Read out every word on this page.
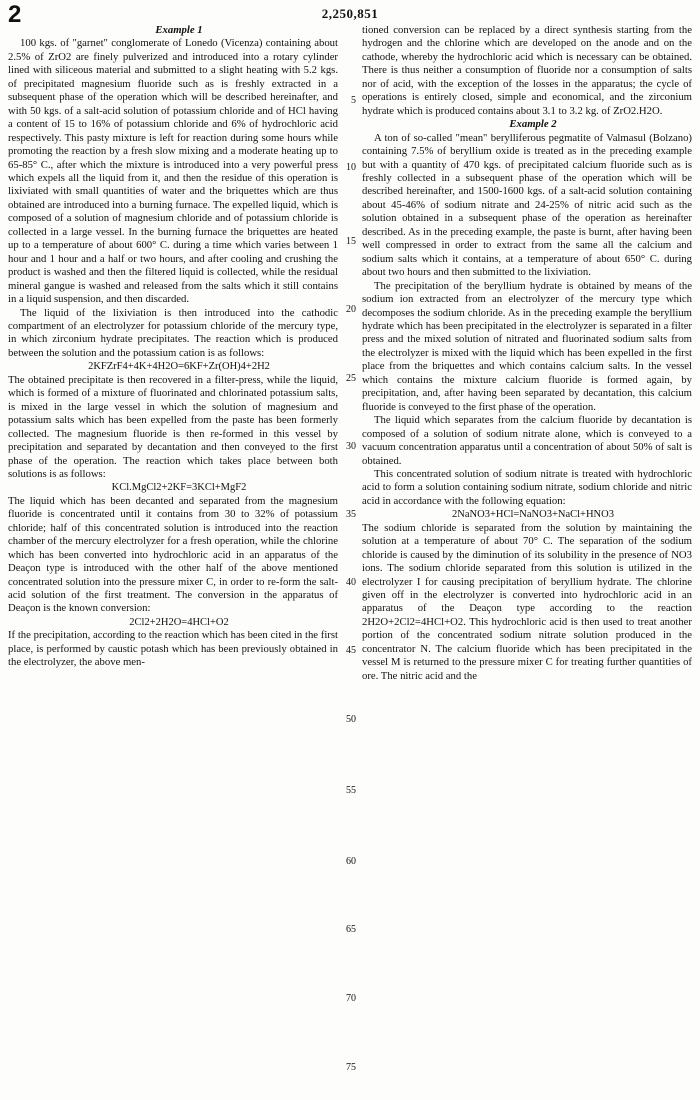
2	2,250,851

Example 1

100 kgs. of "garnet" conglomerate of Lonedo (Vicenza) containing about 2.5% of ZrO2 are finely pulverized and introduced into a rotary cylinder lined with siliceous material and submitted to a slight heating with 5.2 kgs. of precipitated magnesium fluoride such as is freshly extracted in a subsequent phase of the operation which will be described hereinafter, and with 50 kgs. of a salt-acid solution of potassium chloride and of HCl having a content of 15 to 16% of potassium chloride and 6% of hydrochloric acid respectively. This pasty mixture is left for reaction during some hours while promoting the reaction by a fresh slow mixing and a moderate heating up to 65-85° C., after which the mixture is introduced into a very powerful press which expels all the liquid from it, and then the residue of this operation is lixiviated with small quantities of water and the briquettes which are thus obtained are introduced into a burning furnace. The expelled liquid, which is composed of a solution of magnesium chloride and of potassium chloride is collected in a large vessel. In the burning furnace the briquettes are heated up to a temperature of about 600° C. during a time which varies between 1 hour and 1 hour and a half or two hours, and after cooling and crushing the product is washed and then the filtered liquid is collected, while the residual mineral gangue is washed and released from the salts which it still contains in a liquid suspension, and then discarded.

The liquid of the lixiviation is then introduced into the cathodic compartment of an electrolyzer for potassium chloride of the mercury type, in which zirconium hydrate precipitates. The reaction which is produced between the solution and the potassium cation is as follows:

2KFZrF4+4K+4H2O=6KF+Zr(OH)4+2H2

The obtained precipitate is then recovered in a filter-press, while the liquid, which is formed of a mixture of fluorinated and chlorinated potassium salts, is mixed in the large vessel in which the solution of magnesium and potassium salts which has been expelled from the paste has been formerly collected. The magnesium fluoride is then re-formed in this vessel by precipitation and separated by decantation and then conveyed to the first phase of the operation. The reaction which takes place between both solutions is as follows:

KCl.MgCl2+2KF=3KCl+MgF2

The liquid which has been decanted and separated from the magnesium fluoride is concentrated until it contains from 30 to 32% of potassium chloride; half of this concentrated solution is introduced into the reaction chamber of the mercury electrolyzer for a fresh operation, while the chlorine which has been converted into hydrochloric acid in an apparatus of the Deaçon type is introduced with the other half of the above mentioned concentrated solution into the pressure mixer C, in order to re-form the salt-acid solution of the first treatment. The conversion in the apparatus of Deaçon is the known conversion:

2Cl2+2H2O=4HCl+O2

If the precipitation, according to the reaction which has been cited in the first place, is performed by caustic potash which has been previously obtained in the electrolyzer, the above men-

5
10
15
20
25
30
35
40
45
50
55
60
65
70
75

tioned conversion can be replaced by a direct synthesis starting from the hydrogen and the chlorine which are developed on the anode and on the cathode, whereby the hydrochloric acid which is necessary can be obtained. There is thus neither a consumption of fluoride nor a consumption of salts nor of acid, with the exception of the losses in the apparatus; the cycle of operations is entirely closed, simple and economical, and the zirconium hydrate which is produced contains about 3.1 to 3.2 kg. of ZrO2.H2O.

Example 2

A ton of so-called "mean" berylliferous pegmatite of Valmasul (Bolzano) containing 7.5% of beryllium oxide is treated as in the preceding example but with a quantity of 470 kgs. of precipitated calcium fluoride such as is freshly collected in a subsequent phase of the operation which will be described hereinafter, and 1500-1600 kgs. of a salt-acid solution containing about 45-46% of sodium nitrate and 24-25% of nitric acid such as the solution obtained in a subsequent phase of the operation as hereinafter described. As in the preceding example, the paste is burnt, after having been well compressed in order to extract from the same all the calcium and sodium salts which it contains, at a temperature of about 650° C. during about two hours and then submitted to the lixiviation.

The precipitation of the beryllium hydrate is obtained by means of the sodium ion extracted from an electrolyzer of the mercury type which decomposes the sodium chloride. As in the preceding example the beryllium hydrate which has been precipitated in the electrolyzer is separated in a filter press and the mixed solution of nitrated and fluorinated sodium salts from the electrolyzer is mixed with the liquid which has been expelled in the first place from the briquettes and which contains calcium salts. In the vessel which contains the mixture calcium fluoride is formed again, by precipitation, and, after having been separated by decantation, this calcium fluoride is conveyed to the first phase of the operation.

The liquid which separates from the calcium fluoride by decantation is composed of a solution of sodium nitrate alone, which is conveyed to a vacuum concentration apparatus until a concentration of about 50% of salt is obtained.

This concentrated solution of sodium nitrate is treated with hydrochloric acid to form a solution containing sodium nitrate, sodium chloride and nitric acid in accordance with the following equation:

2NaNO3+HCl=NaNO3+NaCl+HNO3

The sodium chloride is separated from the solution by maintaining the solution at a temperature of about 70° C. The separation of the sodium chloride is caused by the diminution of its solubility in the presence of NO3 ions. The sodium chloride separated from this solution is utilized in the electrolyzer I for causing precipitation of beryllium hydrate. The chlorine given off in the electrolyzer is converted into hydrochloric acid in an apparatus of the Deaçon type according to the reaction 2H2O+2Cl2=4HCl+O2. This hydrochloric acid is then used to treat another portion of the concentrated sodium nitrate solution produced in the concentrator N. The calcium fluoride which has been precipitated in the vessel M is returned to the pressure mixer C for treating further quantities of ore. The nitric acid and the
